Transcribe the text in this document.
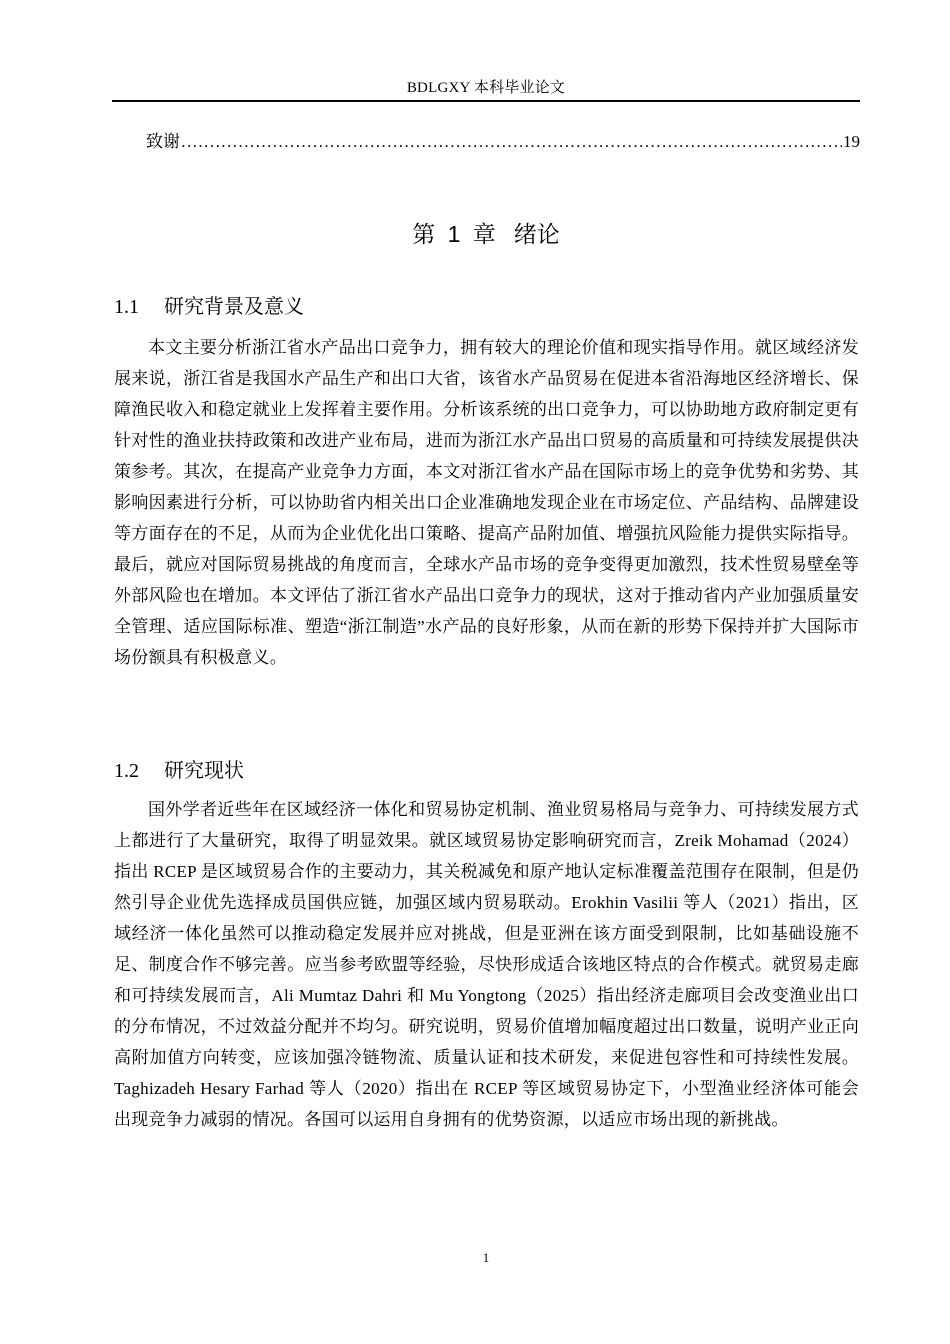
BDLGXY 本科毕业论文
致谢
.....	19
第 1 章 绪论
1.1 研究背景及意义
本文主要分析浙江省水产品出口竞争力，拥有较大的理论价值和现实指导作用。就区域经济发展来说，浙江省是我国水产品生产和出口大省，该省水产品贸易在促进本省沿海地区经济增长、保障渔民收入和稳定就业上发挥着主要作用。分析该系统的出口竞争力，可以协助地方政府制定更有针对性的渔业扶持政策和改进产业布局，进而为浙江水产品出口贸易的高质量和可持续发展提供决策参考。其次，在提高产业竞争力方面，本文对浙江省水产品在国际市场上的竞争优势和劣势、其影响因素进行分析，可以协助省内相关出口企业准确地发现企业在市场定位、产品结构、品牌建设等方面存在的不足，从而为企业优化出口策略、提高产品附加值、增强抗风险能力提供实际指导。最后，就应对国际贸易挑战的角度而言，全球水产品市场的竞争变得更加激烈，技术性贸易壁垒等外部风险也在增加。本文评估了浙江省水产品出口竞争力的现状，这对于推动省内产业加强质量安全管理、适应国际标准、塑造“浙江制造”水产品的良好形象，从而在新的形势下保持并扩大国际市场份额具有积极意义。
1.2 研究现状
国外学者近些年在区域经济一体化和贸易协定机制、渔业贸易格局与竞争力、可持续发展方式上都进行了大量研究，取得了明显效果。就区域贸易协定影响研究而言，Zreik Mohamad（2024）指出 RCEP 是区域贸易合作的主要动力，其关税减免和原产地认定标准覆盖范围存在限制，但是仍然引导企业优先选择成员国供应链，加强区域内贸易联动。Erokhin Vasilii 等人（2021）指出，区域经济一体化虽然可以推动稳定发展并应对挑战，但是亚洲在该方面受到限制，比如基础设施不足、制度合作不够完善。应当参考欧盟等经验，尽快形成适合该地区特点的合作模式。就贸易走廊和可持续发展而言，Ali Mumtaz Dahri 和 Mu Yongtong（2025）指出经济走廊项目会改变渔业出口的分布情况，不过效益分配并不均匀。研究说明，贸易价值增加幅度超过出口数量，说明产业正向高附加值方向转变，应该加强冷链物流、质量认证和技术研发，来促进包容性和可持续性发展。Taghizadeh Hesary Farhad 等人（2020）指出在 RCEP 等区域贸易协定下，小型渔业经济体可能会出现竞争力减弱的情况。各国可以运用自身拥有的优势资源，以适应市场出现的新挑战。
1
